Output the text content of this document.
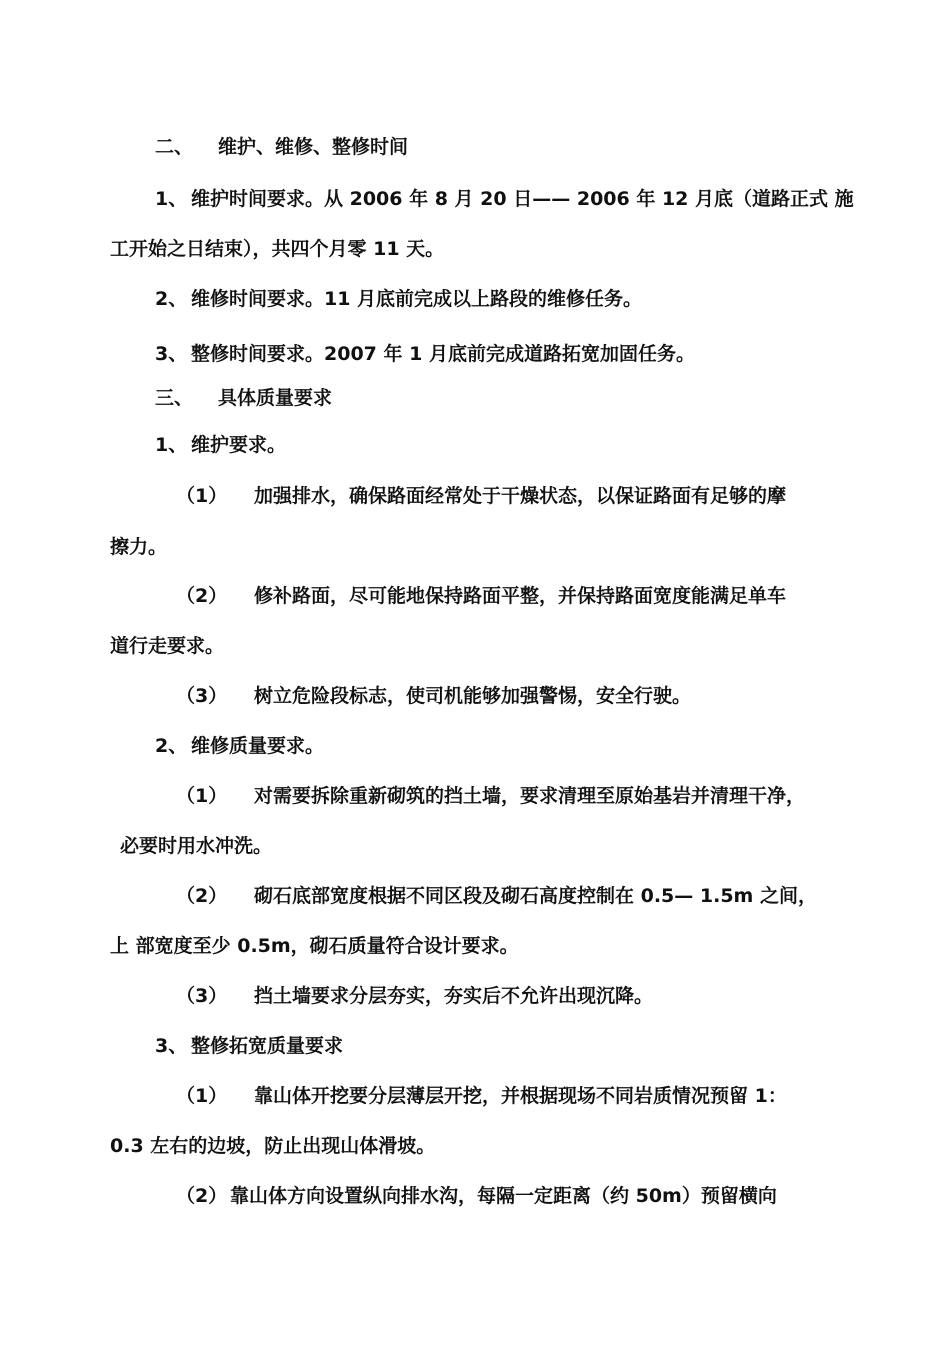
二、 维护、维修、整修时间
1、 维护时间要求。从 2006 年 8 月 20 日—— 2006 年 12 月底（道路正式 施
工开始之日结束），共四个月零 11 天。
2、 维修时间要求。11 月底前完成以上路段的维修任务。
3、 整修时间要求。2007 年 1 月底前完成道路拓宽加固任务。
三、 具体质量要求
1、 维护要求。
（1） 加强排水，确保路面经常处于干燥状态，以保证路面有足够的摩
擦力。
（2） 修补路面，尽可能地保持路面平整，并保持路面宽度能满足单车
道行走要求。
（3） 树立危险段标志，使司机能够加强警惕，安全行驶。
2、 维修质量要求。
（1） 对需要拆除重新砌筑的挡土墙，要求清理至原始基岩并清理干净，
必要时用水冲洗。
（2） 砌石底部宽度根据不同区段及砌石高度控制在 0.5— 1.5m 之间，
上 部宽度至少 0.5m，砌石质量符合设计要求。
（3） 挡土墙要求分层夯实，夯实后不允许出现沉降。
3、 整修拓宽质量要求
（1） 靠山体开挖要分层薄层开挖，并根据现场不同岩质情况预留 1：
0.3 左右的边坡，防止出现山体滑坡。
（2） 靠山体方向设置纵向排水沟，每隔一定距离（约 50m）预留横向
